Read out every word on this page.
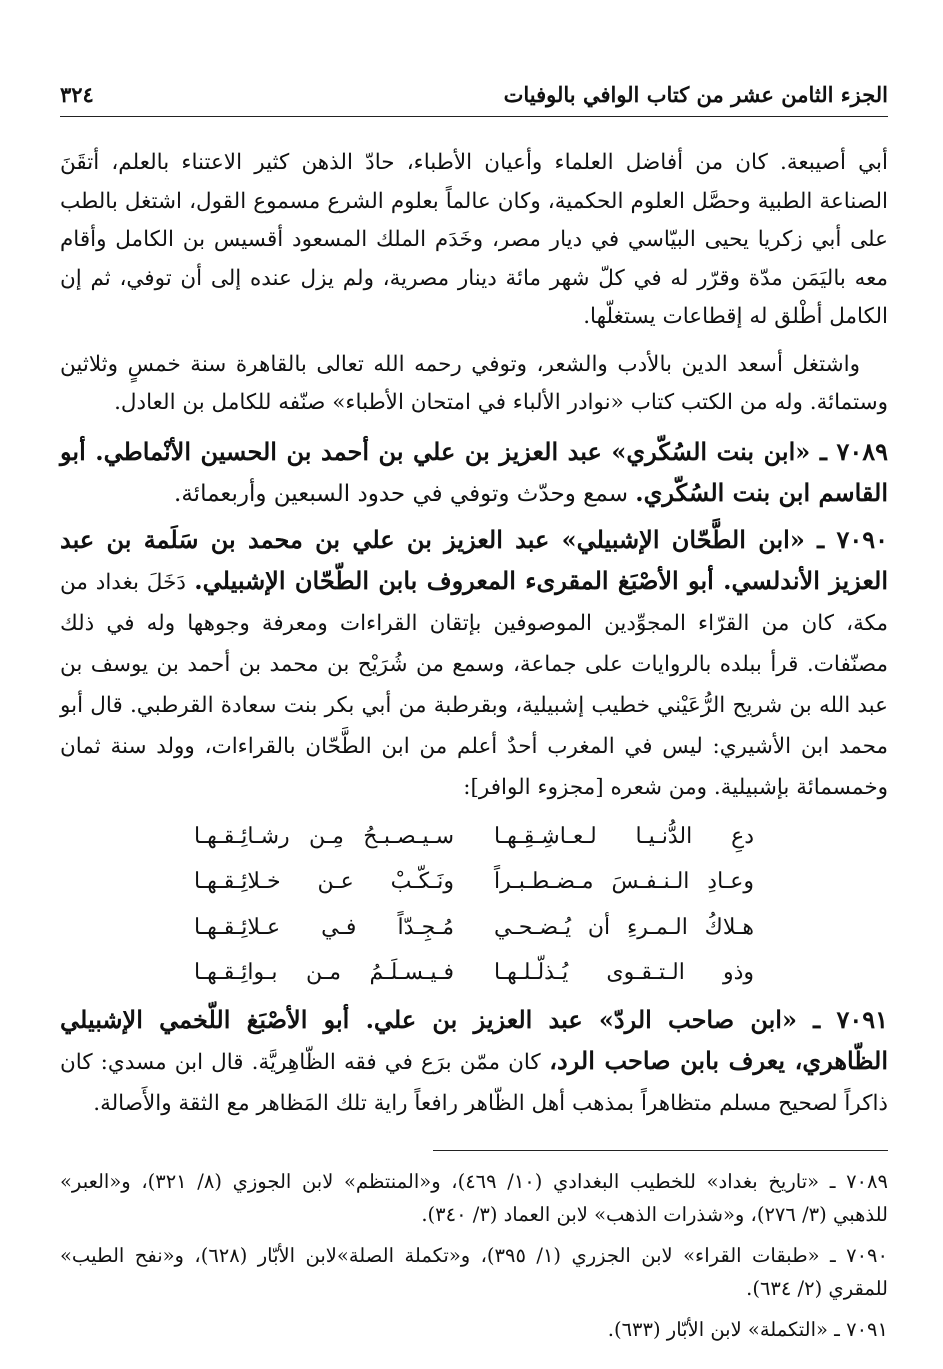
الجزء الثامن عشر من كتاب الوافي بالوفيات
٣٢٤

أبي أصيبعة. كان من أفاضل العلماء وأعيان الأطباء، حادّ الذهن كثير الاعتناء بالعلم، أتقَنَ الصناعة الطبية وحصَّل العلوم الحكمية، وكان عالماً بعلوم الشرع مسموع القول، اشتغل بالطب على أبي زكريا يحيى البيّاسي في ديار مصر، وخَدَم الملك المسعود أقسيس بن الكامل وأقام معه باليَمَن مدّة وقرّر له في كلّ شهر مائة دينار مصرية، ولم يزل عنده إلى أن توفي، ثم إن الكامل أطْلق له إقطاعات يستغلّها.

واشتغل أسعد الدين بالأدب والشعر، وتوفي رحمه الله تعالى بالقاهرة سنة خمسٍ وثلاثين وستمائة. وله من الكتب كتاب «نوادر الألباء في امتحان الأطباء» صنّفه للكامل بن العادل.

٧٠٨٩ ـ «ابن بنت السُكّري» عبد العزيز بن علي بن أحمد بن الحسين الأنْماطي. أبو القاسم ابن بنت السُكّري. سمع وحدّث وتوفي في حدود السبعين وأربعمائة.

٧٠٩٠ ـ «ابن الطَّحّان الإشبيلي» عبد العزيز بن علي بن محمد بن سَلَمة بن عبد العزيز الأندلسي. أبو الأصْبَغ المقرىء المعروف بابن الطّحّان الإشبيلي. دَخَلَ بغداد من مكة، كان من القرّاء المجوِّدين الموصوفين بإتقان القراءات ومعرفة وجوهها وله في ذلك مصنّفات. قرأ ببلده بالروايات على جماعة، وسمع من شُرَيْح بن محمد بن أحمد بن يوسف بن عبد الله بن شريح الرُّعَيْني خطيب إشبيلية، وبقرطبة من أبي بكر بنت سعادة القرطبي. قال أبو محمد ابن الأشيري: ليس في المغرب أحدٌ أعلم من ابن الطَّحّان بالقراءات، وولد سنة ثمان وخمسمائة بإشبيلية. ومن شعره [مجزوء الوافر]:

دعِ الدُّنـيـا لـعـاشِـقِـهـا
سـيـصـبـحُ مِـن رشـائِـقـهـا
وعـادِ الـنـفـسَ مـضـطـبـراً
ونَـكّـبْ عـن خـلائِـقـهـا
هـلاكُ الـمـرءِ أن يُـضـحـي
مُـجِـدّاً فـي عـلائِـقـهـا
وذو الـتـقـوى يُـذلّـلـهـا
فـيـسـلَـمُ مـن بـوائِـقـهـا

٧٠٩١ ـ «ابن صاحب الردّ» عبد العزيز بن علي. أبو الأصْبَغ اللّخمي الإشبيلي الظّاهري، يعرف بابن صاحب الرد، كان ممّن برَع في فقه الظّاهِريَّة. قال ابن مسدي: كان ذاكراً لصحيح مسلم متظاهراً بمذهب أهل الظّاهر رافعاً راية تلك المَظاهر مع الثقة والأَصالة.

٧٠٨٩ ـ «تاريخ بغداد» للخطيب البغدادي (١٠/ ٤٦٩)، و«المنتظم» لابن الجوزي (٨/ ٣٢١)، و«العبر» للذهبي (٣/ ٢٧٦)، و«شذرات الذهب» لابن العماد (٣/ ٣٤٠).

٧٠٩٠ ـ «طبقات القراء» لابن الجزري (١/ ٣٩٥)، و«تكملة الصلة»لابن الأبّار (٦٢٨)، و«نفح الطيب» للمقري (٢/ ٦٣٤).

٧٠٩١ ـ «التكملة» لابن الأبّار (٦٣٣).
